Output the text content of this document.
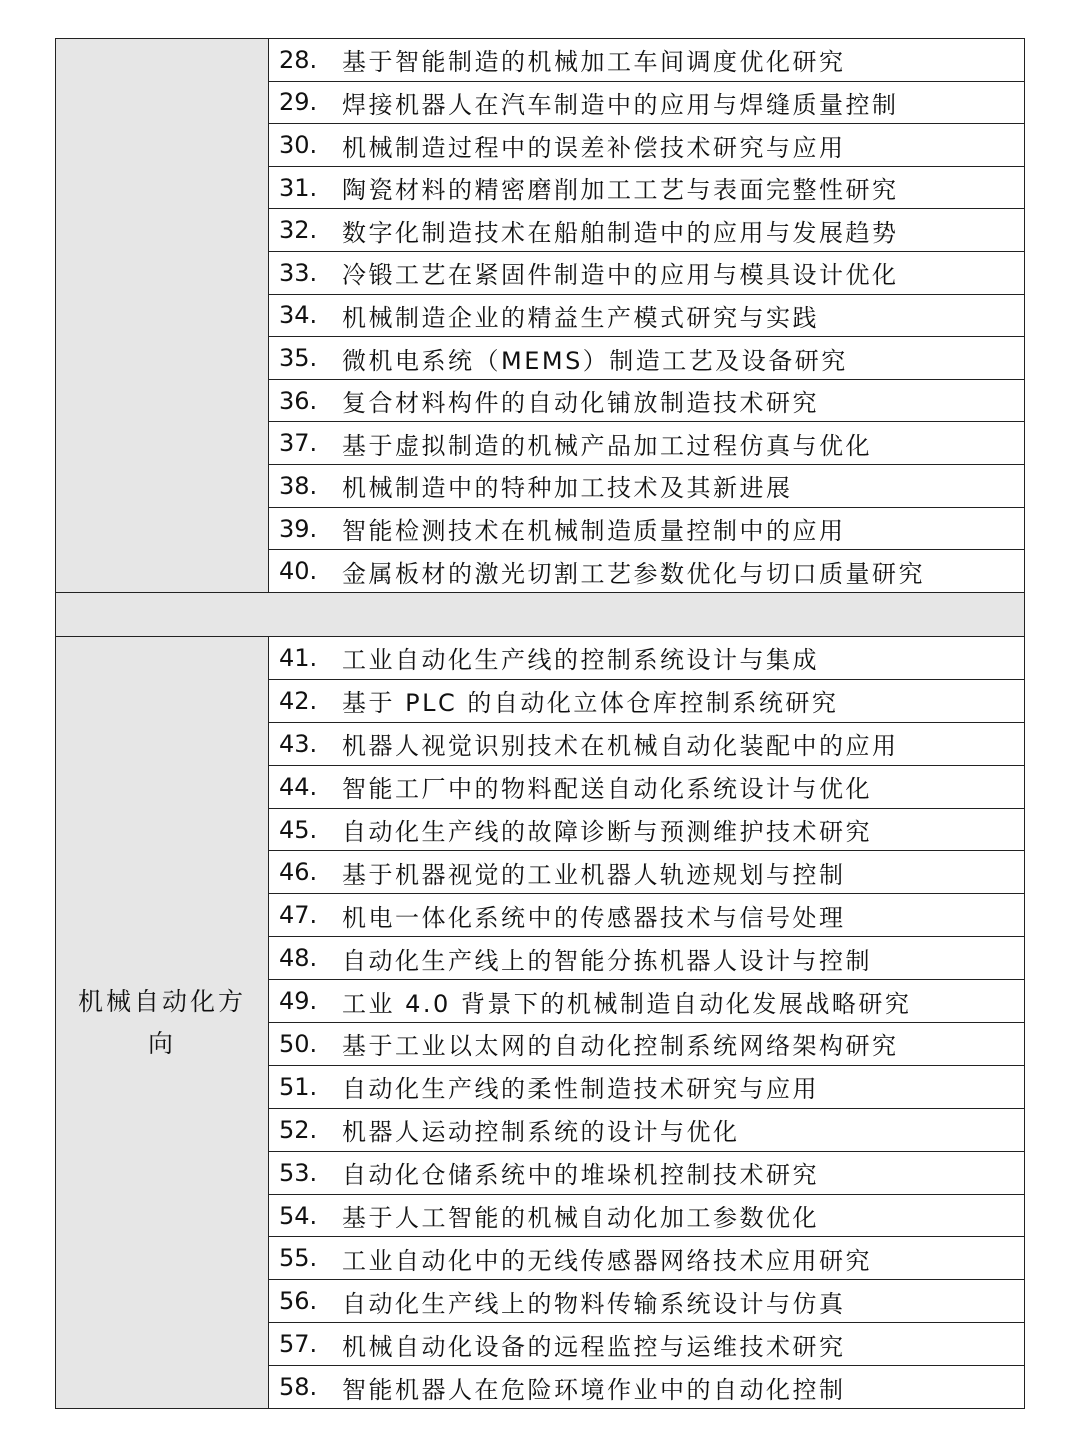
28.	基于智能制造的机械加工车间调度优化研究
29.	焊接机器人在汽车制造中的应用与焊缝质量控制
30.	机械制造过程中的误差补偿技术研究与应用
31.	陶瓷材料的精密磨削加工工艺与表面完整性研究
32.	数字化制造技术在船舶制造中的应用与发展趋势
33.	冷锻工艺在紧固件制造中的应用与模具设计优化
34.	机械制造企业的精益生产模式研究与实践
35.	微机电系统（MEMS）制造工艺及设备研究
36.	复合材料构件的自动化铺放制造技术研究
37.	基于虚拟制造的机械产品加工过程仿真与优化
38.	机械制造中的特种加工技术及其新进展
39.	智能检测技术在机械制造质量控制中的应用
40.	金属板材的激光切割工艺参数优化与切口质量研究
机械自动化方向
41.	工业自动化生产线的控制系统设计与集成
42.	基于 PLC 的自动化立体仓库控制系统研究
43.	机器人视觉识别技术在机械自动化装配中的应用
44.	智能工厂中的物料配送自动化系统设计与优化
45.	自动化生产线的故障诊断与预测维护技术研究
46.	基于机器视觉的工业机器人轨迹规划与控制
47.	机电一体化系统中的传感器技术与信号处理
48.	自动化生产线上的智能分拣机器人设计与控制
49.	工业 4.0 背景下的机械制造自动化发展战略研究
50.	基于工业以太网的自动化控制系统网络架构研究
51.	自动化生产线的柔性制造技术研究与应用
52.	机器人运动控制系统的设计与优化
53.	自动化仓储系统中的堆垛机控制技术研究
54.	基于人工智能的机械自动化加工参数优化
55.	工业自动化中的无线传感器网络技术应用研究
56.	自动化生产线上的物料传输系统设计与仿真
57.	机械自动化设备的远程监控与运维技术研究
58.	智能机器人在危险环境作业中的自动化控制
